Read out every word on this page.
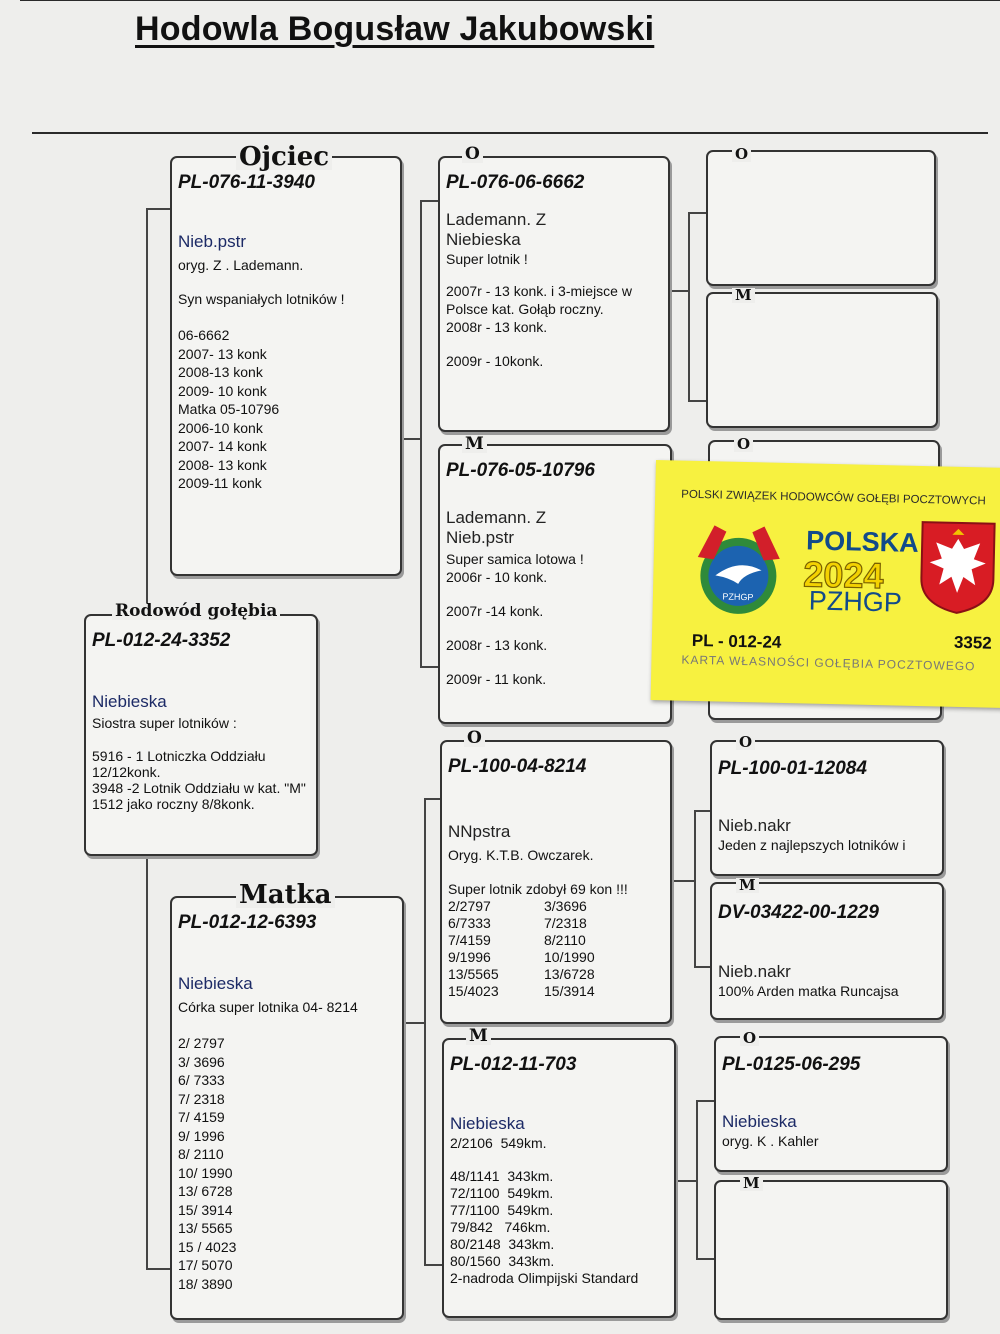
Hodowla Bogusław Jakubowski
PL-076-11-3940
Nieb.pstr
oryg. Z . Lademann.
Syn wspaniałych lotników !
06-6662
2007- 13 konk
2008-13 konk
2009- 10 konk
Matka 05-10796
2006-10 konk
2007- 14 konk
2008- 13 konk
2009-11 konk
Ojciec
PL-012-24-3352
Niebieska
Siostra super lotników :
5916 - 1 Lotniczka Oddziału 12/12konk.
3948 -2 Lotnik Oddziału w kat. "M"
1512 jako roczny 8/8konk.
Rodowód gołębia
PL-012-12-6393
Niebieska
Córka super lotnika 04- 8214
2/ 2797
3/ 3696
6/ 7333
7/ 2318
7/ 4159
9/ 1996
8/ 2110
10/ 1990
13/ 6728
15/ 3914
13/ 5565
15 / 4023
17/ 5070
18/ 3890
Matka
PL-076-06-6662
Lademann. Z
Niebieska
Super lotnik !
2007r - 13 konk. i 3-miejsce w Polsce kat. Gołąb roczny.
2008r - 13 konk.
2009r - 10konk.
O
PL-076-05-10796
Lademann. Z
Nieb.pstr
Super samica lotowa !
2006r - 10 konk.
2007r -14 konk.
2008r - 13 konk.
2009r - 11 konk.
M
PL-100-04-8214
NNpstra
Oryg. K.T.B. Owczarek.
Super lotnik zdobył 69 kon !!!
2/2797	3/3696
6/7333	7/2318
7/4159	8/2110
9/1996	10/1990
13/5565	13/6728
15/4023	15/3914
O
PL-012-11-703
Niebieska
2/2106  549km.
48/1141  343km.
72/1100  549km.
77/1100  549km.
79/842   746km.
80/2148  343km.
80/1560  343km.
2-nadroda Olimpijski Standard
M
O
M
O
PL-100-01-12084
Nieb.nakr
Jeden z najlepszych lotników i
O
DV-03422-00-1229
Nieb.nakr
100% Arden matka Runcajsa
M
PL-0125-06-295
Niebieska
oryg. K . Kahler
O
M
POLSKI ZWIĄZEK HODOWCÓW GOŁĘBI POCZTOWYCH
PZHGP
POLSKA
2024
PZHGP
PL - 012-24	3352
KARTA WŁASNOŚCI GOŁĘBIA POCZTOWEGO
